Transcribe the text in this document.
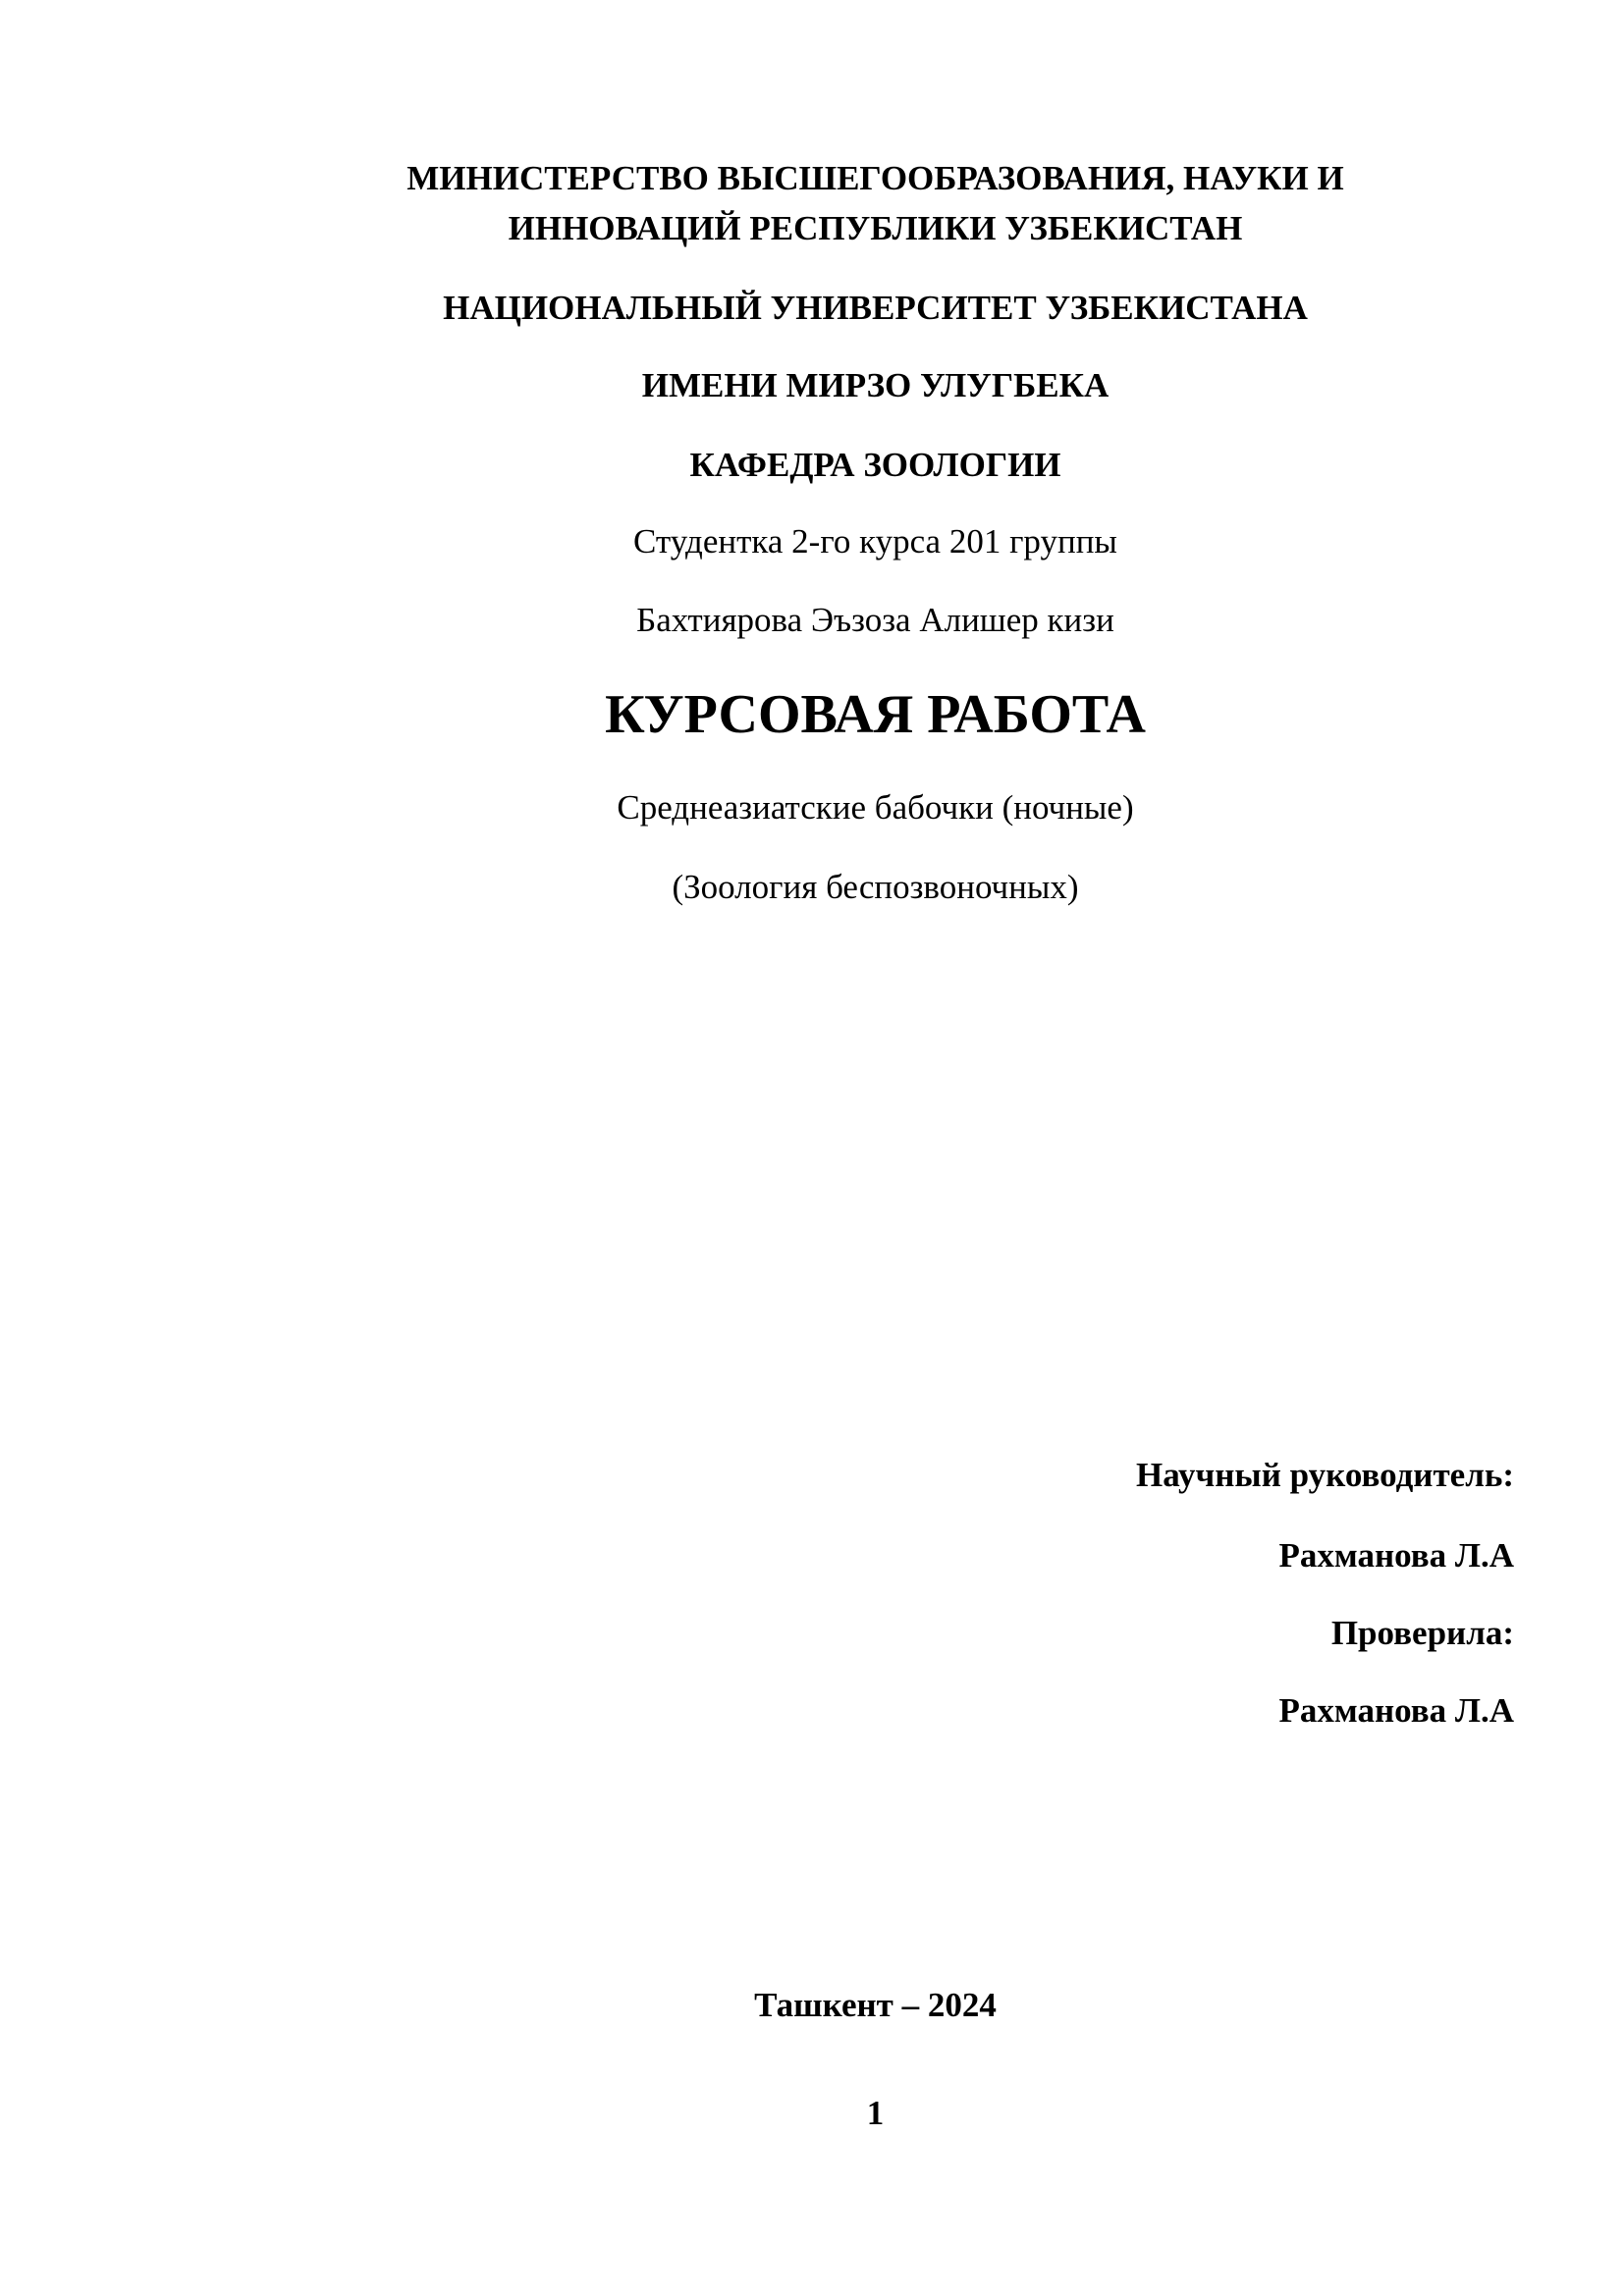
МИНИСТЕРСТВО ВЫСШЕГООБРАЗОВАНИЯ, НАУКИ И
ИННОВАЦИЙ РЕСПУБЛИКИ УЗБЕКИСТАН
НАЦИОНАЛЬНЫЙ УНИВЕРСИТЕТ УЗБЕКИСТАНА
ИМЕНИ МИРЗО УЛУГБЕКА
КАФЕДРА ЗООЛОГИИ
Студентка 2-го курса 201 группы
Бахтиярова Эъзоза Алишер кизи
КУРСОВАЯ РАБОТА
Среднеазиатские бабочки (ночные)
(Зоология беспозвоночных)
Научный руководитель:
Рахманова Л.А
Проверила:
Рахманова Л.А
Ташкент – 2024
1
